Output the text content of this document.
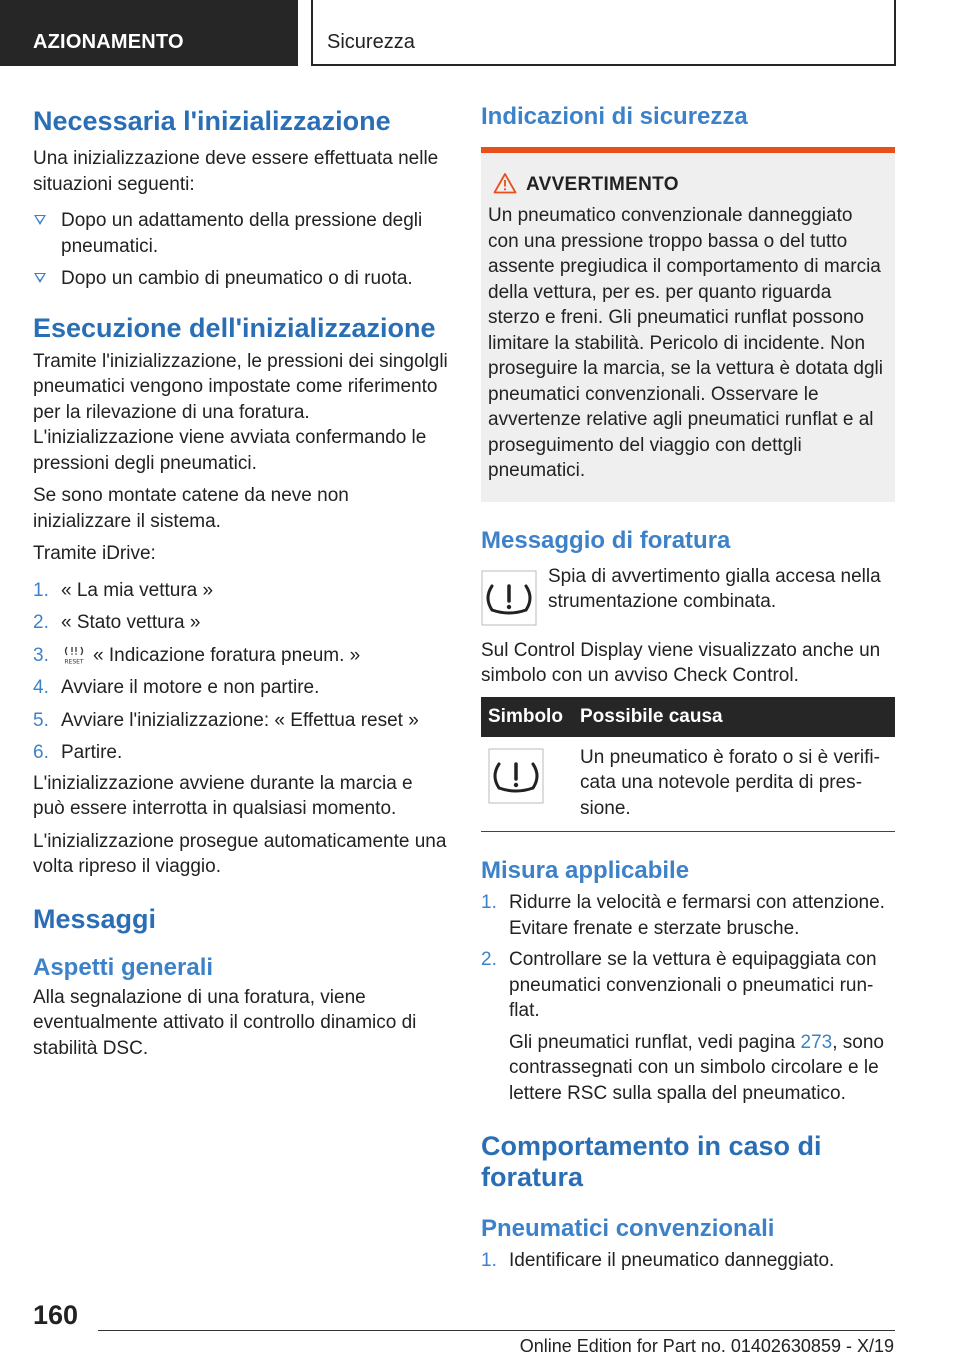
AZIONAMENTO	Sicurezza
Necessaria l'inizializzazione
Una inizializzazione deve essere effettuata nelle situazioni seguenti:
Dopo un adattamento della pressione degli pneumatici.
Dopo un cambio di pneumatico o di ruota.
Esecuzione dell'inizializzazione
Tramite l'inizializzazione, le pressioni dei singolgli pneumatici vengono impostate come riferimento per la rilevazione di una foratura. L'inizializzazione viene avviata confermando le pressioni degli pneumatici.
Se sono montate catene da neve non inizializzare il sistema.
Tramite iDrive:
1. « La mia vettura »
2. « Stato vettura »
3.	RESET « Indicazione foratura pneum. »
4. Avviare il motore e non partire.
5. Avviare l'inizializzazione: « Effettua reset »
6. Partire.
L'inizializzazione avviene durante la marcia e può essere interrotta in qualsiasi momento.
L'inizializzazione prosegue automaticamente una volta ripreso il viaggio.
Messaggi
Aspetti generali
Alla segnalazione di una foratura, viene eventualmente attivato il controllo dinamico di stabilità DSC.
Indicazioni di sicurezza
AVVERTIMENTO
Un pneumatico convenzionale danneggiato con una pressione troppo bassa o del tutto assente pregiudica il comportamento di marcia della vettura, per es. per quanto riguarda sterzo e freni. Gli pneumatici runflat possono limitare la stabilità. Pericolo di incidente. Non proseguire la marcia, se la vettura è dotata dgli pneumatici convenzionali. Osservare le avvertenze relative agli pneumatici runflat e al proseguimento del viaggio con dettgli pneumatici.
Messaggio di foratura
Spia di avvertimento gialla accesa nella strumentazione combinata.
Sul Control Display viene visualizzato anche un simbolo con un avviso Check Control.
Simbolo Possibile causa
Un pneumatico è forato o si è verificata una notevole perdita di pressione.
Misura applicabile
1. Ridurre la velocità e fermarsi con attenzione. Evitare frenate e sterzate brusche.
2. Controllare se la vettura è equipaggiata con pneumatici convenzionali o pneumatici runflat.
Gli pneumatici runflat, vedi pagina 273, sono contrassegnati con un simbolo circolare e le lettere RSC sulla spalla del pneumatico.
Comportamento in caso di foratura
Pneumatici convenzionali
1. Identificare il pneumatico danneggiato.
160
Online Edition for Part no. 01402630859 - X/19
